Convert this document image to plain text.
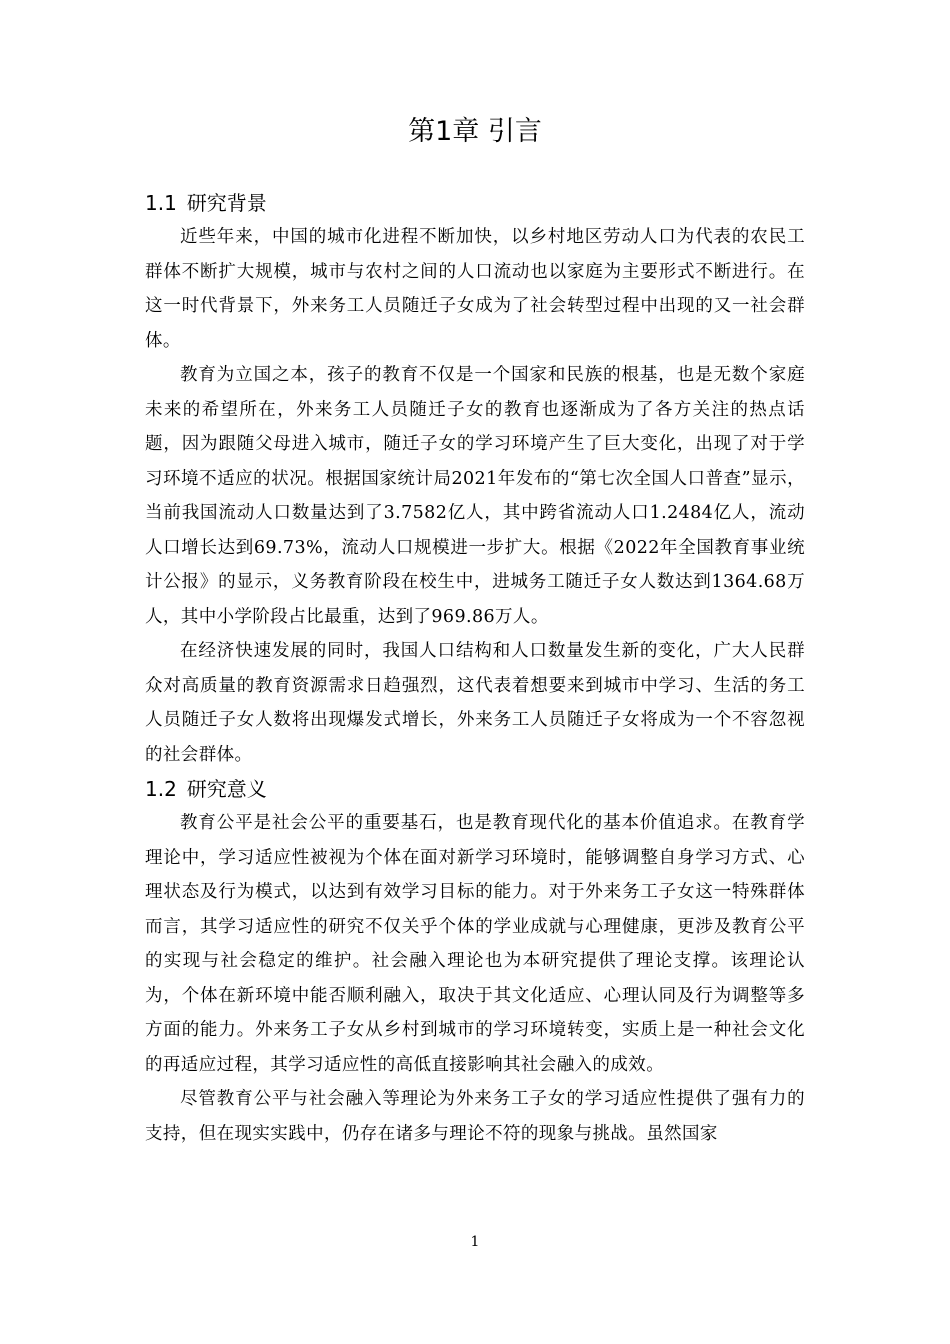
第1章 引言
1.1 研究背景

近些年来，中国的城市化进程不断加快，以乡村地区劳动人口为代表的农民工群体不断扩大规模，城市与农村之间的人口流动也以家庭为主要形式不断进行。在这一时代背景下，外来务工人员随迁子女成为了社会转型过程中出现的又一社会群体。

教育为立国之本，孩子的教育不仅是一个国家和民族的根基，也是无数个家庭未来的希望所在，外来务工人员随迁子女的教育也逐渐成为了各方关注的热点话题，因为跟随父母进入城市，随迁子女的学习环境产生了巨大变化，出现了对于学习环境不适应的状况。根据国家统计局2021年发布的“第七次全国人口普查”显示，当前我国流动人口数量达到了3.7582亿人，其中跨省流动人口1.2484亿人，流动人口增长达到69.73%，流动人口规模进一步扩大。根据《2022年全国教育事业统计公报》的显示，义务教育阶段在校生中，进城务工随迁子女人数达到1364.68万人，其中小学阶段占比最重，达到了969.86万人。

在经济快速发展的同时，我国人口结构和人口数量发生新的变化，广大人民群众对高质量的教育资源需求日趋强烈，这代表着想要来到城市中学习、生活的务工人员随迁子女人数将出现爆发式增长，外来务工人员随迁子女将成为一个不容忽视的社会群体。

1.2 研究意义

教育公平是社会公平的重要基石，也是教育现代化的基本价值追求。在教育学理论中，学习适应性被视为个体在面对新学习环境时，能够调整自身学习方式、心理状态及行为模式，以达到有效学习目标的能力。对于外来务工子女这一特殊群体而言，其学习适应性的研究不仅关乎个体的学业成就与心理健康，更涉及教育公平的实现与社会稳定的维护。社会融入理论也为本研究提供了理论支撑。该理论认为，个体在新环境中能否顺利融入，取决于其文化适应、心理认同及行为调整等多方面的能力。外来务工子女从乡村到城市的学习环境转变，实质上是一种社会文化的再适应过程，其学习适应性的高低直接影响其社会融入的成效。

尽管教育公平与社会融入等理论为外来务工子女的学习适应性提供了强有力的支持，但在现实实践中，仍存在诸多与理论不符的现象与挑战。虽然国家

1
